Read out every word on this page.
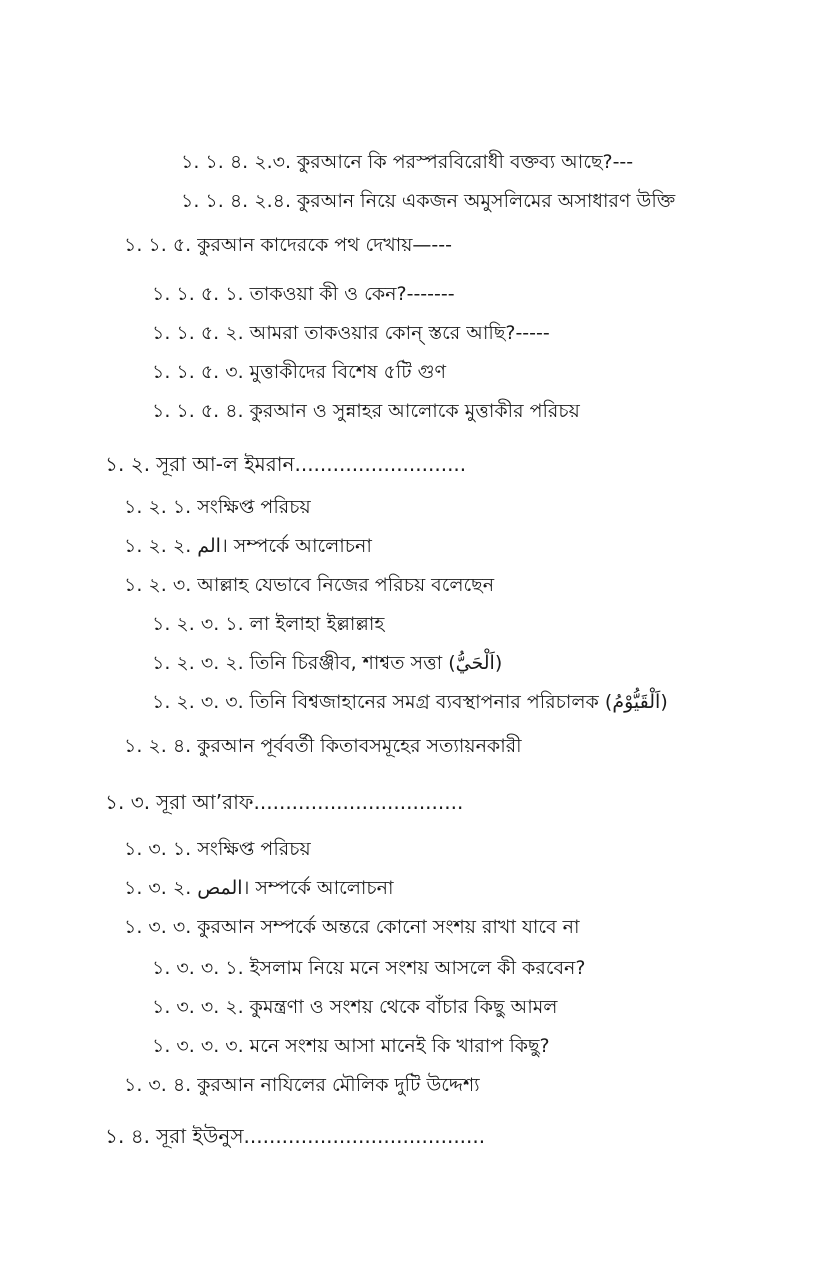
১. ১. ৪. ২.৩. কুরআনে কি পরস্পরবিরোধী বক্তব্য আছে?---
১. ১. ৪. ২.৪. কুরআন নিয়ে একজন অমুসলিমের অসাধারণ উক্তি
১. ১. ৫. কুরআন কাদেরকে পথ দেখায়—---
১. ১. ৫. ১. তাকওয়া কী ও কেন?-------
১. ১. ৫. ২. আমরা তাকওয়ার কোন্ স্তরে আছি?-----
১. ১. ৫. ৩. মুত্তাকীদের বিশেষ ৫টি গুণ
১. ১. ৫. ৪. কুরআন ও সুন্নাহর আলোকে মুত্তাকীর পরিচয়
১. ২. সূরা আ-ল ইমরান...........................
১. ২. ১. সংক্ষিপ্ত পরিচয়
১. ২. ২. الم। সম্পর্কে আলোচনা
১. ২. ৩. আল্লাহ যেভাবে নিজের পরিচয় বলেছেন
১. ২. ৩. ১. লা ইলাহা ইল্লাল্লাহ
১. ২. ৩. ২. তিনি চিরঞ্জীব, শাশ্বত সত্তা (اَلْحَيُّ)
১. ২. ৩. ৩. তিনি বিশ্বজাহানের সমগ্র ব্যবস্থাপনার পরিচালক (اَلْقَيُّوْمُ)
১. ২. ৪. কুরআন পূর্ববর্তী কিতাবসমূহের সত্যায়নকারী
১. ৩. সূরা আ’রাফ.................................
১. ৩. ১. সংক্ষিপ্ত পরিচয়
১. ৩. ২. المص। সম্পর্কে আলোচনা
১. ৩. ৩. কুরআন সম্পর্কে অন্তরে কোনো সংশয় রাখা যাবে না
১. ৩. ৩. ১. ইসলাম নিয়ে মনে সংশয় আসলে কী করবেন?
১. ৩. ৩. ২. কুমন্ত্রণা ও সংশয় থেকে বাঁচার কিছু আমল
১. ৩. ৩. ৩. মনে সংশয় আসা মানেই কি খারাপ কিছু?
১. ৩. ৪. কুরআন নাযিলের মৌলিক দুটি উদ্দেশ্য
১. ৪. সূরা ইউনুস......................................
